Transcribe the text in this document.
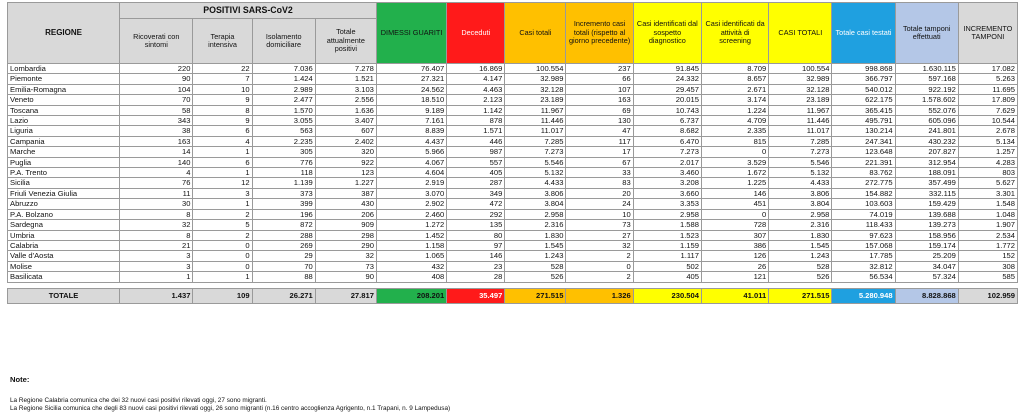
REGIONE	POSITIVI SARS-CoV2				DIMESSI GUARITI	Deceduti	Casi totali	Incremento casi totali (rispetto al giorno precedente)	Casi identificati dal sospetto diagnostico	Casi identificati da attività di screening	CASI TOTALI	Totale casi testati	Totale tamponi effettuati	INCREMENTO TAMPONI
	Ricoverati con sintomi	Terapia intensiva	Isolamento domiciliare	Totale attualmente positivi										
Lombardia	220	22	7.036	7.278	76.407	16.869	100.554	237	91.845	8.709	100.554	998.868	1.630.115	17.082
Piemonte	90	7	1.424	1.521	27.321	4.147	32.989	66	24.332	8.657	32.989	366.797	597.168	5.263
Emilia-Romagna	104	10	2.989	3.103	24.562	4.463	32.128	107	29.457	2.671	32.128	540.012	922.192	11.695
Veneto	70	9	2.477	2.556	18.510	2.123	23.189	163	20.015	3.174	23.189	622.175	1.578.602	17.809
Toscana	58	8	1.570	1.636	9.189	1.142	11.967	69	10.743	1.224	11.967	365.415	552.076	7.629
Lazio	343	9	3.055	3.407	7.161	878	11.446	130	6.737	4.709	11.446	495.791	605.096	10.544
Liguria	38	6	563	607	8.839	1.571	11.017	47	8.682	2.335	11.017	130.214	241.801	2.678
Campania	163	4	2.235	2.402	4.437	446	7.285	117	6.470	815	7.285	247.341	430.232	5.134
Marche	14	1	305	320	5.966	987	7.273	17	7.273	0	7.273	123.648	207.827	1.257
Puglia	140	6	776	922	4.067	557	5.546	67	2.017	3.529	5.546	221.391	312.954	4.283
P.A. Trento	4	1	118	123	4.604	405	5.132	33	3.460	1.672	5.132	83.762	188.091	803
Sicilia	76	12	1.139	1.227	2.919	287	4.433	83	3.208	1.225	4.433	272.775	357.499	5.627
Friuli Venezia Giulia	11	3	373	387	3.070	349	3.806	20	3.660	146	3.806	154.882	332.115	3.301
Abruzzo	30	1	399	430	2.902	472	3.804	24	3.353	451	3.804	103.603	159.429	1.548
P.A. Bolzano	8	2	196	206	2.460	292	2.958	10	2.958	0	2.958	74.019	139.688	1.048
Sardegna	32	5	872	909	1.272	135	2.316	73	1.588	728	2.316	118.433	139.273	1.907
Umbria	8	2	288	298	1.452	80	1.830	27	1.523	307	1.830	97.623	158.956	2.534
Calabria	21	0	269	290	1.158	97	1.545	32	1.159	386	1.545	157.068	159.174	1.772
Valle d'Aosta	3	0	29	32	1.065	146	1.243	2	1.117	126	1.243	17.785	25.209	152
Molise	3	0	70	73	432	23	528	0	502	26	528	32.812	34.047	308
Basilicata	1	1	88	90	408	28	526	2	405	121	526	56.534	57.324	585

TOTALE	1.437	109	26.271	27.817	208.201	35.497	271.515	1.326	230.504	41.011	271.515	5.280.948	8.828.868	102.959
Note:
La Regione Calabria comunica che dei 32 nuovi casi positivi rilevati oggi, 27 sono migranti.
La Regione Sicilia comunica che degli 83 nuovi casi positivi rilevati oggi, 26 sono migranti (n.16 centro accoglienza Agrigento, n.1 Trapani, n. 9 Lampedusa)
